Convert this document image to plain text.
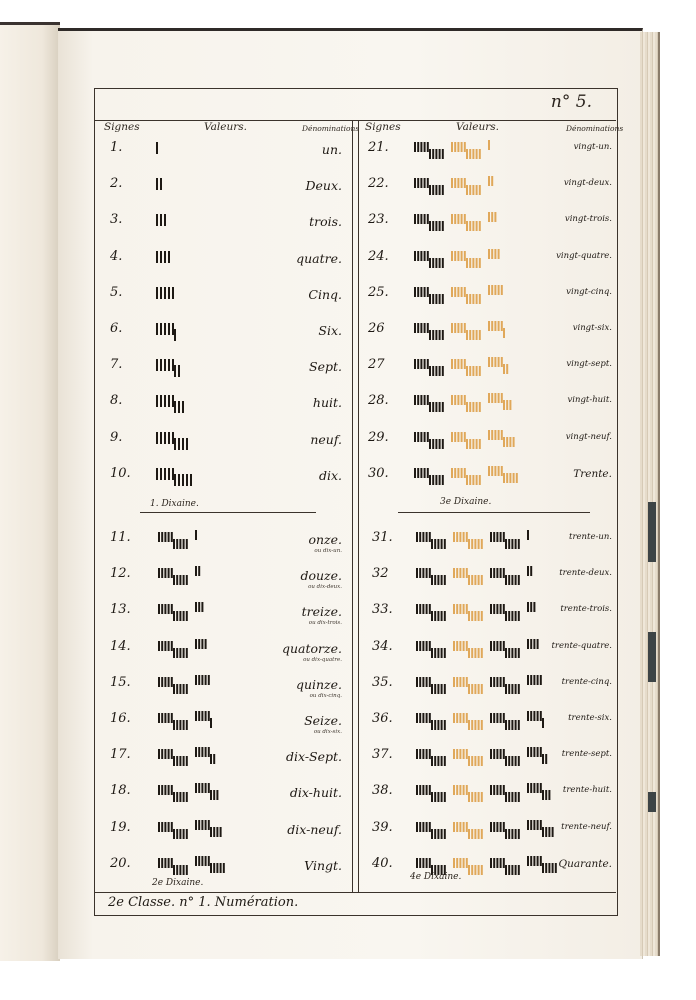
n° 5.
Signes	Valeurs.	Dénominations Signes	Valeurs.	Dénominations
1.	un.
2.	Deux.
3.	trois.
4.	quatre.
5.	Cinq.
6.	Six.
7.	Sept.
8.	huit.
9.	neuf.
10.	dix.
1. Dixaine.
11.	onze.
ou dix-un.
12.	douze.
ou dix-deux.
13.	treize.
ou dix-trois.
14.	quatorze.
ou dix-quatre.
15.	quinze.
ou dix-cinq.
16.	Seize.
ou dix-six.
17.	dix-Sept.
18.	dix-huit.
19.	dix-neuf.
20.	Vingt.
2e Dixaine.
21.	vingt-un.
22.	vingt-deux.
23.	vingt-trois.
24.	vingt-quatre.
25.	vingt-cinq.
26	vingt-six.
27	vingt-sept.
28.	vingt-huit.
29.	vingt-neuf.
30.	Trente.
3e Dixaine.
31.	trente-un.
32	trente-deux.
33.	trente-trois.
34.	trente-quatre.
35.	trente-cinq.
36.	trente-six.
37.	trente-sept.
38.	trente-huit.
39.	trente-neuf.
40.	Quarante.
4e Dixaine.
2e Classe. n° 1. Numération.
